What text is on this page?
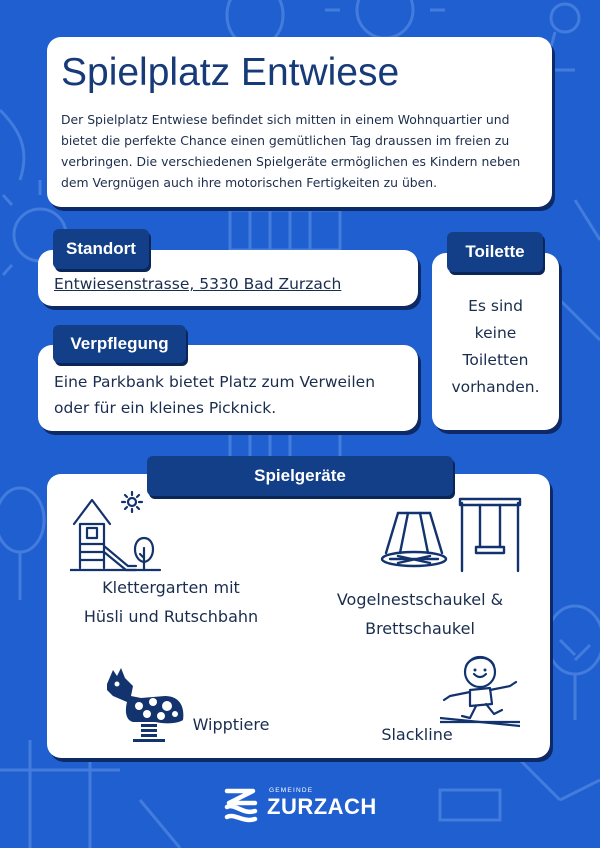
Spielplatz Entwiese
Der Spielplatz Entwiese befindet sich mitten in einem Wohnquartier und bietet die perfekte Chance einen gemütlichen Tag draussen im freien zu verbringen. Die verschiedenen Spielgeräte ermöglichen es Kindern neben dem Vergnügen auch ihre motorischen Fertigkeiten zu üben.
Entwiesenstrasse, 5330 Bad Zurzach
Standort
Eine Parkbank bietet Platz zum Verweilen oder für ein kleines Picknick.
Verpflegung
Es sind
keine
Toiletten
vorhanden.
Toilette
Spielgeräte
Klettergarten mit
Hüsli und Rutschbahn
Vogelnestschaukel &
Brettschaukel
Wipptiere
Slackline
GEMEINDE
ZURZACH
